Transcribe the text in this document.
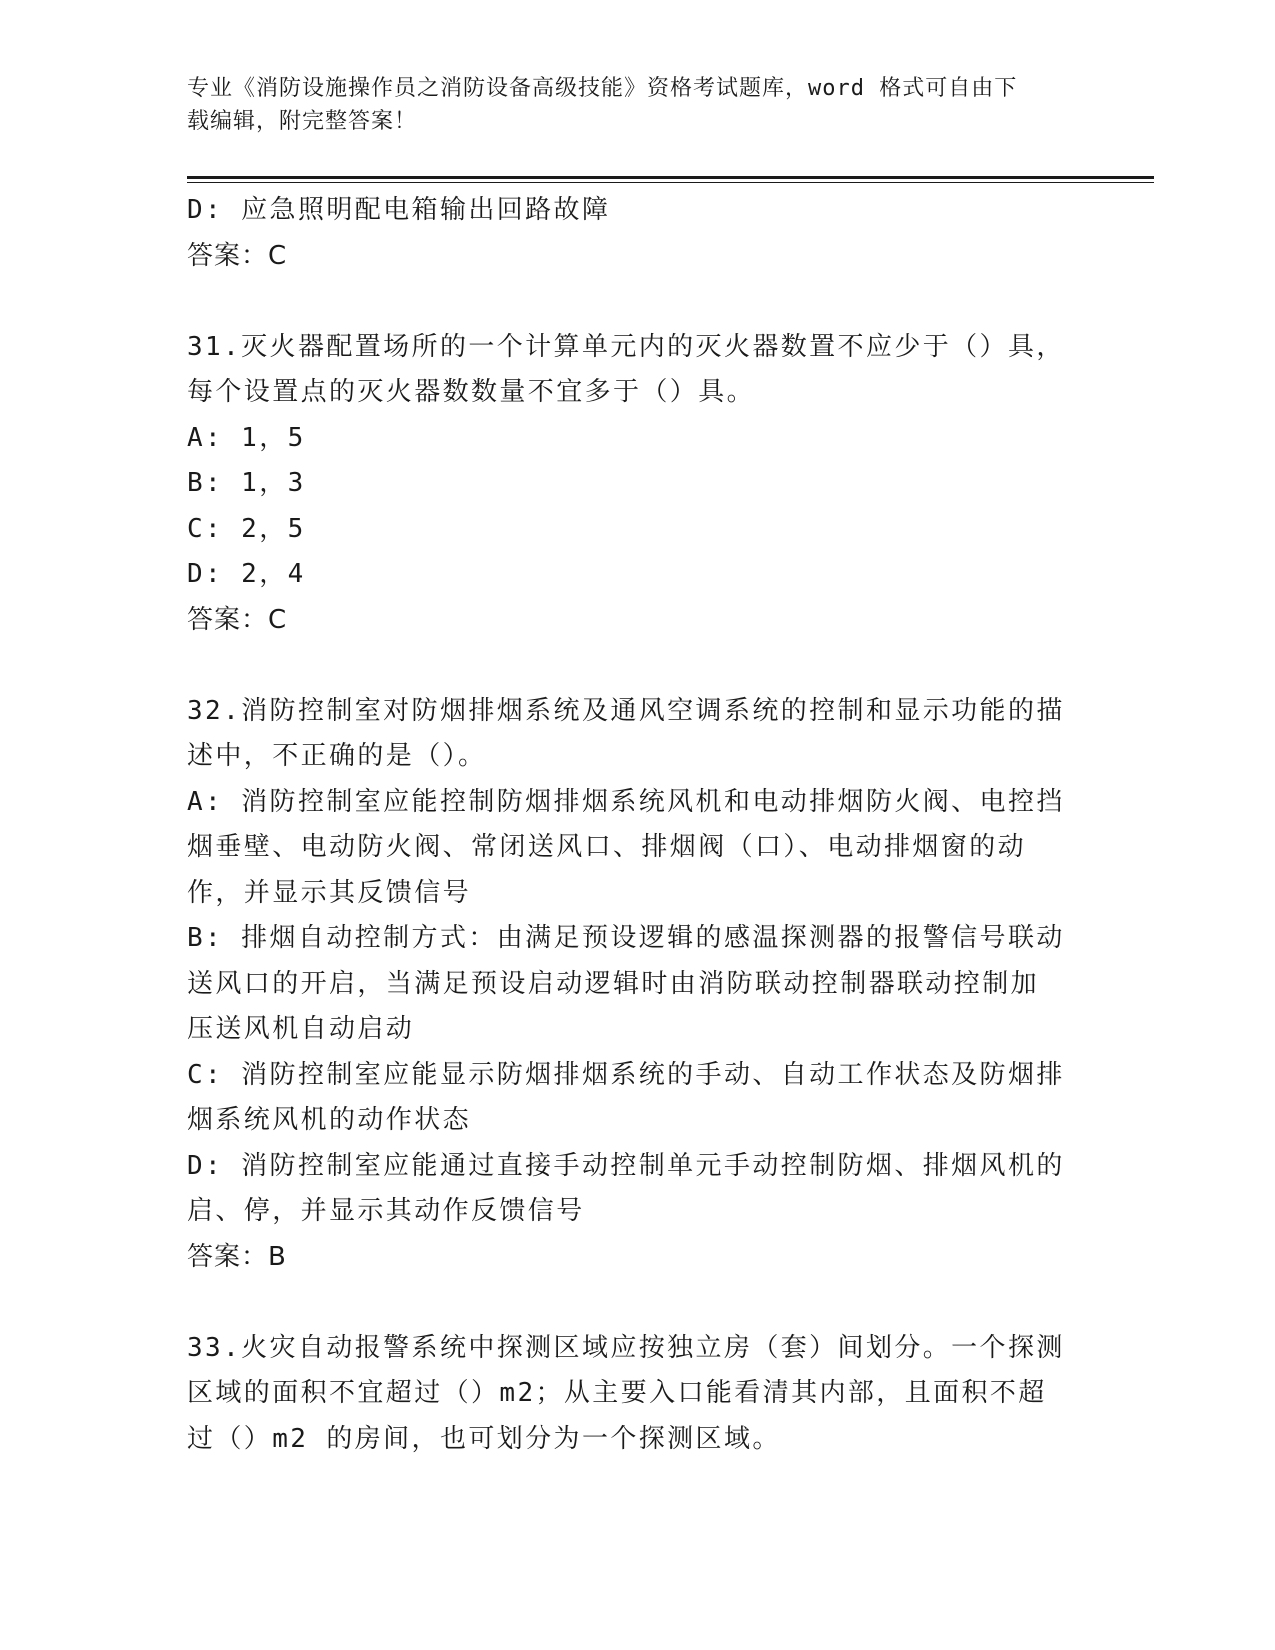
专业《消防设施操作员之消防设备高级技能》资格考试题库，word 格式可自由下
载编辑，附完整答案！
D: 应急照明配电箱输出回路故障
答案：C
31.灭火器配置场所的一个计算单元内的灭火器数置不应少于（）具，
每个设置点的灭火器数数量不宜多于（）具。
A: 1，5
B: 1，3
C: 2，5
D: 2，4
答案：C
32.消防控制室对防烟排烟系统及通风空调系统的控制和显示功能的描
述中，不正确的是（）。
A: 消防控制室应能控制防烟排烟系统风机和电动排烟防火阀、电控挡
烟垂壁、电动防火阀、常闭送风口、排烟阀（口）、电动排烟窗的动
作，并显示其反馈信号
B: 排烟自动控制方式：由满足预设逻辑的感温探测器的报警信号联动
送风口的开启，当满足预设启动逻辑时由消防联动控制器联动控制加
压送风机自动启动
C: 消防控制室应能显示防烟排烟系统的手动、自动工作状态及防烟排
烟系统风机的动作状态
D: 消防控制室应能通过直接手动控制单元手动控制防烟、排烟风机的
启、停，并显示其动作反馈信号
答案：B
33.火灾自动报警系统中探测区域应按独立房（套）间划分。一个探测
区域的面积不宜超过（）m2；从主要入口能看清其内部，且面积不超
过（）m2 的房间，也可划分为一个探测区域。
